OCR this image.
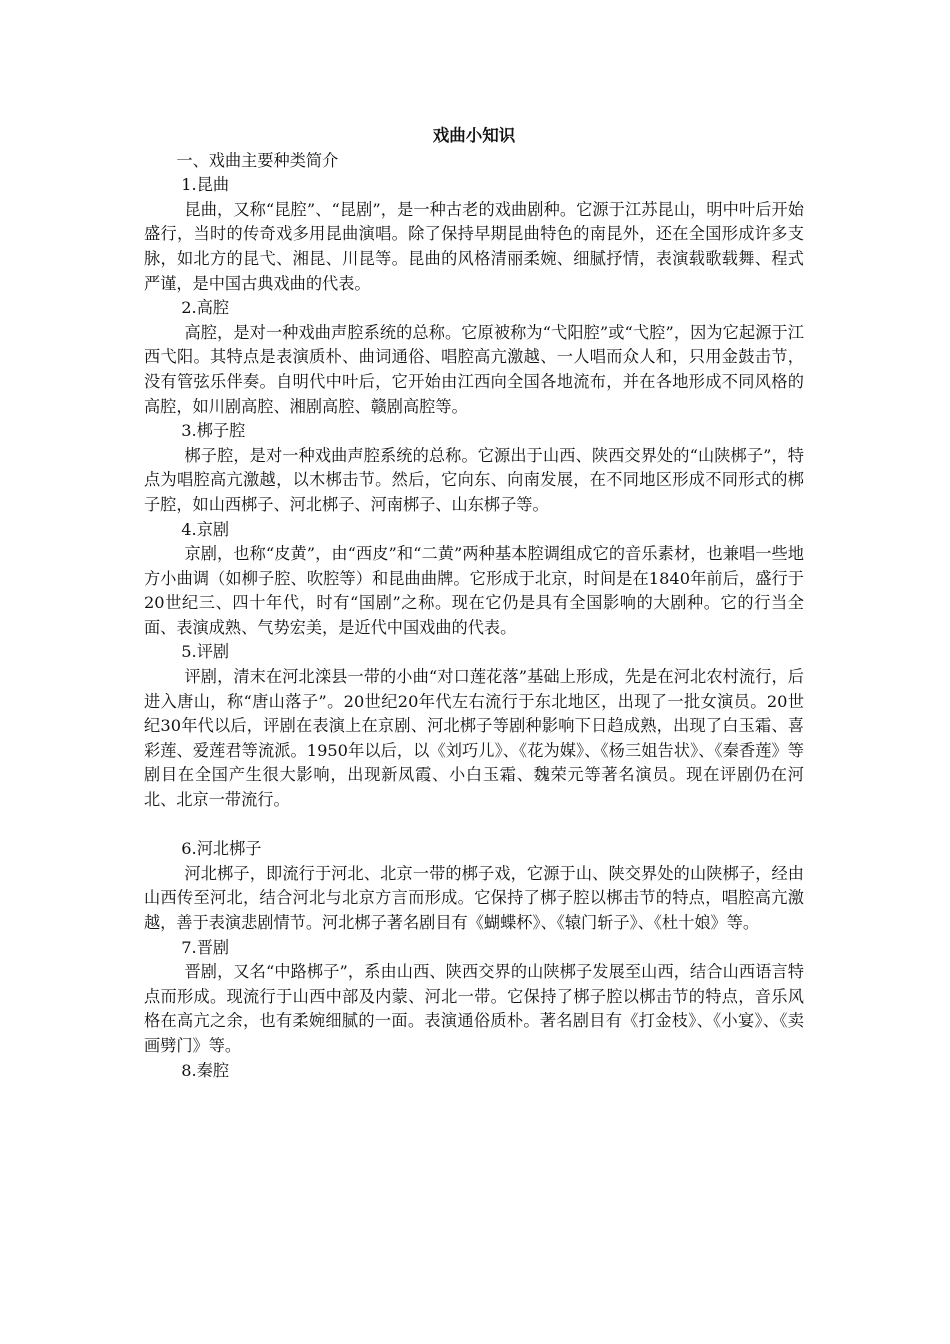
戏曲小知识

一、戏曲主要种类简介

1.昆曲

昆曲，又称“昆腔”、“昆剧”，是一种古老的戏曲剧种。它源于江苏昆山，明中叶后开始盛行，当时的传奇戏多用昆曲演唱。除了保持早期昆曲特色的南昆外，还在全国形成许多支脉，如北方的昆弋、湘昆、川昆等。昆曲的风格清丽柔婉、细腻抒情，表演载歌载舞、程式严谨，是中国古典戏曲的代表。

2.高腔

高腔，是对一种戏曲声腔系统的总称。它原被称为“弋阳腔”或“弋腔”，因为它起源于江西弋阳。其特点是表演质朴、曲词通俗、唱腔高亢激越、一人唱而众人和，只用金鼓击节，没有管弦乐伴奏。自明代中叶后，它开始由江西向全国各地流布，并在各地形成不同风格的高腔，如川剧高腔、湘剧高腔、赣剧高腔等。

3.梆子腔

梆子腔，是对一种戏曲声腔系统的总称。它源出于山西、陕西交界处的“山陕梆子”，特点为唱腔高亢激越，以木梆击节。然后，它向东、向南发展，在不同地区形成不同形式的梆子腔，如山西梆子、河北梆子、河南梆子、山东梆子等。

4.京剧

京剧，也称“皮黄”，由“西皮”和“二黄”两种基本腔调组成它的音乐素材，也兼唱一些地方小曲调（如柳子腔、吹腔等）和昆曲曲牌。它形成于北京，时间是在1840年前后，盛行于20世纪三、四十年代，时有“国剧”之称。现在它仍是具有全国影响的大剧种。它的行当全面、表演成熟、气势宏美，是近代中国戏曲的代表。

5.评剧

评剧，清末在河北滦县一带的小曲“对口莲花落”基础上形成，先是在河北农村流行，后进入唐山，称“唐山落子”。20世纪20年代左右流行于东北地区，出现了一批女演员。20世纪30年代以后，评剧在表演上在京剧、河北梆子等剧种影响下日趋成熟，出现了白玉霜、喜彩莲、爱莲君等流派。1950年以后，以《刘巧儿》、《花为媒》、《杨三姐告状》、《秦香莲》等剧目在全国产生很大影响，出现新凤霞、小白玉霜、魏荣元等著名演员。现在评剧仍在河北、北京一带流行。

6.河北梆子

河北梆子，即流行于河北、北京一带的梆子戏，它源于山、陕交界处的山陕梆子，经由山西传至河北，结合河北与北京方言而形成。它保持了梆子腔以梆击节的特点，唱腔高亢激越，善于表演悲剧情节。河北梆子著名剧目有《蝴蝶杯》、《辕门斩子》、《杜十娘》等。

7.晋剧

晋剧，又名“中路梆子”，系由山西、陕西交界的山陕梆子发展至山西，结合山西语言特点而形成。现流行于山西中部及内蒙、河北一带。它保持了梆子腔以梆击节的特点，音乐风格在高亢之余，也有柔婉细腻的一面。表演通俗质朴。著名剧目有《打金枝》、《小宴》、《卖画劈门》等。

8.秦腔
